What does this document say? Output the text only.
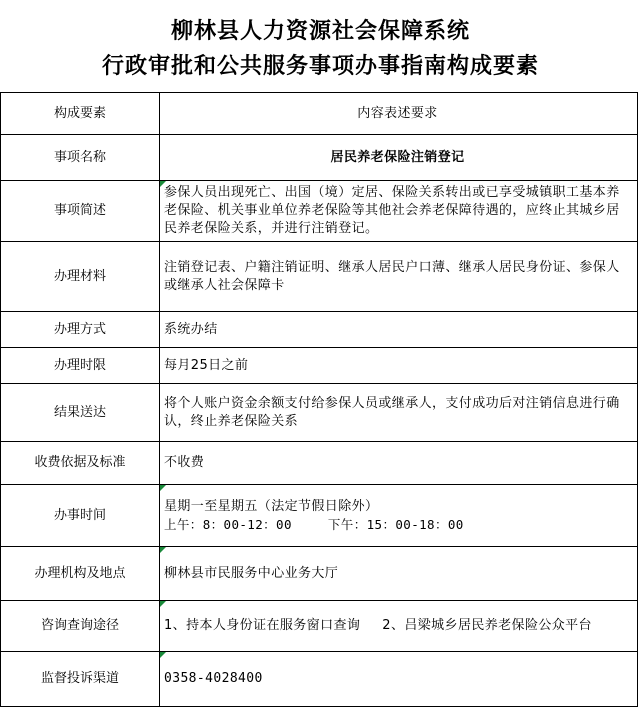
柳林县人力资源社会保障系统
行政审批和公共服务事项办事指南构成要素
构成要素	内容表述要求
事项名称	居民养老保险注销登记
事项简述	参保人员出现死亡、出国（境）定居、保险关系转出或已享受城镇职工基本养老保险、机关事业单位养老保险等其他社会养老保障待遇的，应终止其城乡居民养老保险关系，并进行注销登记。
办理材料	注销登记表、户籍注销证明、继承人居民户口薄、继承人居民身份证、参保人或继承人社会保障卡
办理方式	系统办结
办理时限	每月25日之前
结果送达	将个人账户资金余额支付给参保人员或继承人，支付成功后对注销信息进行确认，终止养老保险关系
收费依据及标准	不收费
办事时间	星期一至星期五（法定节假日除外）
上午：8：00-12：00 下午：15：00-18：00

办理机构及地点	柳林县市民服务中心业务大厅
咨询查询途径	1、持本人身份证在服务窗口查询 2、吕梁城乡居民养老保险公众平台
监督投诉渠道	0358-4028400
